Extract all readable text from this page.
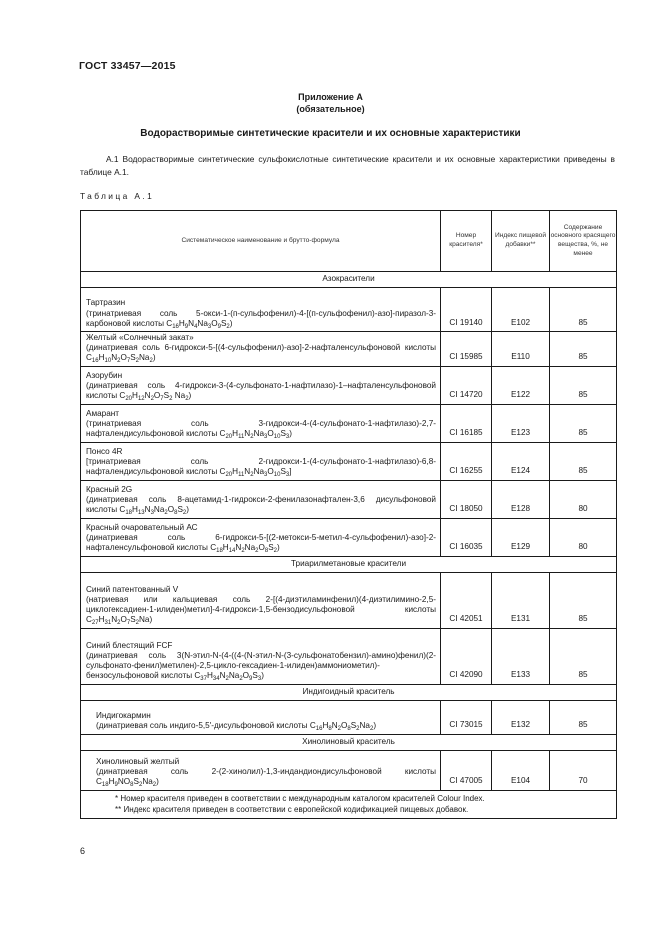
ГОСТ 33457—2015
Приложение А
(обязательное)
Водорастворимые синтетические красители и их основные характеристики
А.1 Водорастворимые синтетические сульфокислотные синтетические красители и их основные характеристики приведены в таблице А.1.
Таблица А.1
Систематическое наименование и брутто-формула	Номер красителя*	Индекс пищевой добавки**	Содержание основного красящего вещества, %, не менее
Азокрасители			

Тартразин
(тринатриевая соль 5-окси-1-(п-сульфофенил)-4-[(п-сульфофенил)-азо]-пиразол-3-карбоновой кислоты $C_{16}H_9N_4Na_3O_9S_2$)	CI 19140	E102	85

Желтый «Солнечный закат»
(динатриевая соль 6-гидрокси-5-[(4-сульфофенил)-азо]-2-нафталенсульфоновой кислоты $C_{16}H_{10}N_2O_7S_2Na_2$)	CI 15985	E110	85

Азорубин
(динатриевая соль 4-гидрокси-3-(4-сульфонато-1-нафтилазо)-1–нафталенсульфоновой кислоты $C_{20}H_{12}N_2O_7S_2$ $Na_2$)	CI 14720	E122	85

Амарант
(тринатриевая соль 3-гидрокси-4-(4-сульфонато-1-нафтилазо)-2,7-нафталендисульфоновой кислоты $C_{20}H_{11}N_2Na_3O_{10}S_3$)	CI 16185	E123	85

Понсо 4R
[тринатриевая соль 2-гидрокси-1-(4-сульфонато-1-нафтилазо)-6,8-нафталендисульфоновой кислоты $C_{20}H_{11}N_2Na_3O_{10}S_3$]	CI 16255	E124	85

Красный 2G
(динатриевая соль 8-ацетамид-1-гидрокси-2-фенилазонафтален-3,6 дисульфоновой кислоты $C_{18}H_{13}N_3Na_2O_8S_2$)	CI 18050	E128	80

Красный очаровательный АС
(динатриевая соль 6-гидрокси-5-[(2-метокси-5-метил-4-сульфофенил)-азо]-2-нафталенсульфоновой кислоты $C_{18}H_{14}N_2Na_2O_8S_2$)	CI 16035	E129	80
Триарилметановые красители			

Синий патентованный V
(натриевая или кальциевая соль 2-[(4-диэтиламинфенил)(4-диэтилимино-2,5-циклогексадиен-1-илиден)метил]-4-гидрокси-1,5-бензодисульфоновой кислоты $C_{27}H_{31}N_2O_7S_2Na$)	CI 42051	E131	85

Синий блестящий FCF
(динатриевая соль 3(N-этил-N-(4-((4-(N-этил-N-(3-сульфонатобензил)-амино)фенил)(2-сульфонато-фенил)метилен)-2,5-цикло-гексадиен-1-илиден)аммониометил)-бензосульфоновой кислоты $C_{37}H_{34}N_2Na_2O_9S_3$)	CI 42090	E133	85
Индигоидный краситель			

Индигокармин
(динатриевая соль индиго-5,5'-дисульфоновой кислоты $C_{16}H_8N_2O_8S_2Na_2$)	CI 73015	E132	85
Хинолиновый краситель			

Хинолиновый желтый
(динатриевая соль 2-(2-хинолил)-1,3-индандиондисульфоновой кислоты $C_{18}H_9NO_8S_2Na_2$)	CI 47005	E104	70

* Номер красителя приведен в соответствии с международным каталогом красителей Colour Index.
** Индекс красителя приведен в соответствии с европейской кодификацией пищевых добавок.			
6
